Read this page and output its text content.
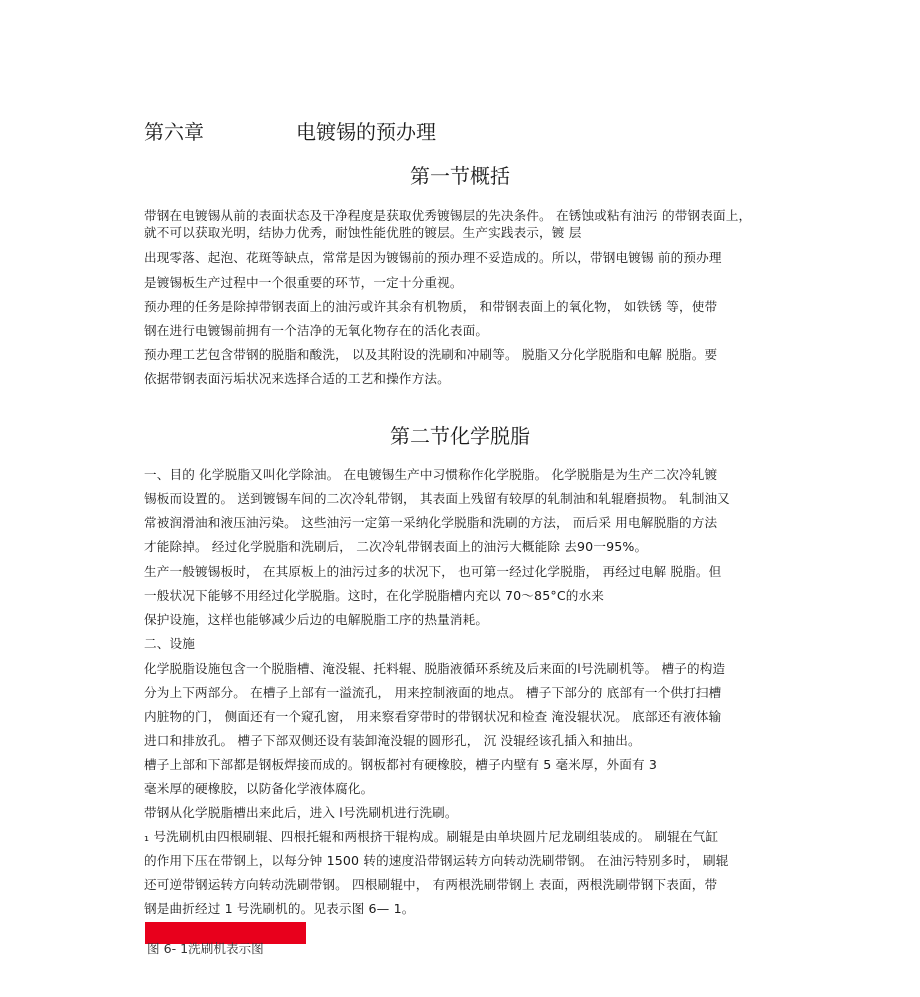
第六章	电镀锡的预办理
第一节概括
带钢在电镀锡从前的表面状态及干净程度是获取优秀镀锡层的先决条件。 在锈蚀或粘有油污 的带钢表面上，
就不可以获取光明，结协力优秀，耐蚀性能优胜的镀层。生产实践表示，镀 层
出现零落、起泡、花斑等缺点，常常是因为镀锡前的预办理不妥造成的。所以，带钢电镀锡 前的预办理
是镀锡板生产过程中一个很重要的环节，一定十分重视。
预办理的任务是除掉带钢表面上的油污或许其余有机物质， 和带钢表面上的氧化物， 如铁锈 等，使带
钢在进行电镀锡前拥有一个洁净的无氧化物存在的活化表面。
预办理工艺包含带钢的脱脂和酸洗， 以及其附设的洗刷和冲刷等。 脱脂又分化学脱脂和电解 脱脂。要
依据带钢表面污垢状况来选择合适的工艺和操作方法。
第二节化学脱脂
一、目的 化学脱脂又叫化学除油。 在电镀锡生产中习惯称作化学脱脂。 化学脱脂是为生产二次冷轧镀
锡板而设置的。 送到镀锡车间的二次冷轧带钢， 其表面上残留有较厚的轧制油和轧辊磨损物。 轧制油又
常被润滑油和液压油污染。 这些油污一定第一采纳化学脱脂和洗刷的方法， 而后采 用电解脱脂的方法
才能除掉。 经过化学脱脂和洗刷后， 二次冷轧带钢表面上的油污大概能除 去90一95%。
生产一般镀锡板时， 在其原板上的油污过多的状况下， 也可第一经过化学脱脂， 再经过电解 脱脂。但
一般状况下能够不用经过化学脱脂。这时，在化学脱脂槽内充以 70～85°C的水来
保护设施，这样也能够减少后边的电解脱脂工序的热量消耗。
二、设施
化学脱脂设施包含一个脱脂槽、淹没辊、托料辊、脱脂液循环系统及后来面的l号洗刷机等。 槽子的构造
分为上下两部分。 在槽子上部有一溢流孔， 用来控制液面的地点。 槽子下部分的 底部有一个供打扫槽
内脏物的门， 侧面还有一个窥孔窗， 用来察看穿带时的带钢状况和检查 淹没辊状况。 底部还有液体输
进口和排放孔。 槽子下部双侧还设有装卸淹没辊的圆形孔， 沉 没辊经该孔插入和抽出。
槽子上部和下部都是钢板焊接而成的。钢板都衬有硬橡胶，槽子内壁有 5 毫米厚，外面有 3
毫米厚的硬橡胶，以防备化学液体腐化。
带钢从化学脱脂槽出来此后，进入 l号洗刷机进行洗刷。
₁ 号洗刷机由四根刷辊、四根托辊和两根挤干辊构成。刷辊是由单块圆片尼龙刷组装成的。 刷辊在气缸
的作用下压在带钢上，以每分钟 1500 转的速度沿带钢运转方向转动洗刷带钢。 在油污特别多时， 刷辊
还可逆带钢运转方向转动洗刷带钢。 四根刷辊中， 有两根洗刷带钢上 表面，两根洗刷带钢下表面，带
钢是曲折经过 1 号洗刷机的。见表示图 6— 1。
图 6- 1洗刷机表示图
